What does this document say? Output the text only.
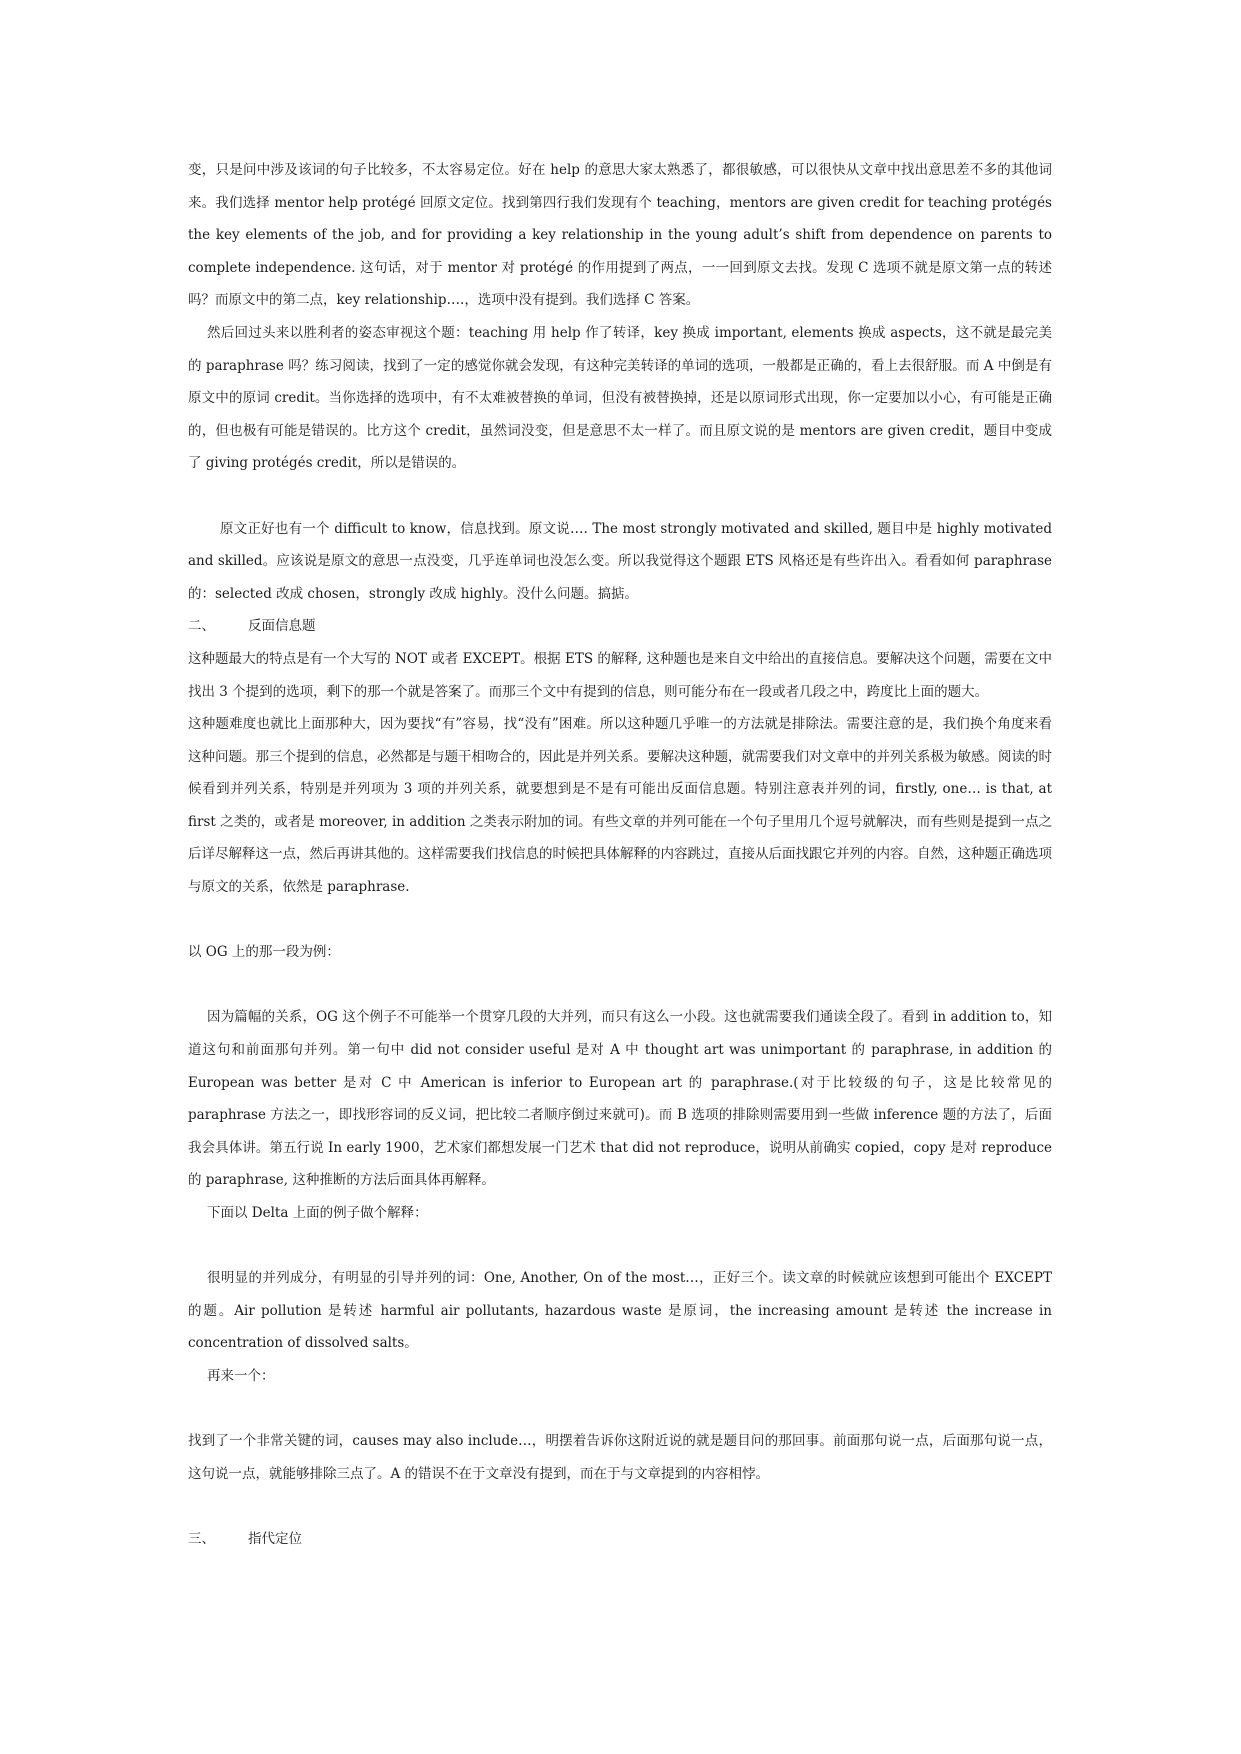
变，只是问中涉及该词的句子比较多，不太容易定位。好在 help 的意思大家太熟悉了，都很敏感，可以很快从文章中找出意思差不多的其他词来。我们选择 mentor help protégé 回原文定位。找到第四行我们发现有个 teaching，mentors are given credit for teaching protégés the key elements of the job, and for providing a key relationship in the young adult’s shift from dependence on parents to complete independence. 这句话，对于 mentor 对 protégé 的作用提到了两点，一一回到原文去找。发现 C 选项不就是原文第一点的转述吗？而原文中的第二点，key relationship….，选项中没有提到。我们选择 C 答案。

然后回过头来以胜利者的姿态审视这个题：teaching 用 help 作了转译，key 换成 important, elements 换成 aspects，这不就是最完美的 paraphrase 吗？练习阅读，找到了一定的感觉你就会发现，有这种完美转译的单词的选项，一般都是正确的，看上去很舒服。而 A 中倒是有原文中的原词 credit。当你选择的选项中，有不太难被替换的单词，但没有被替换掉，还是以原词形式出现，你一定要加以小心，有可能是正确的，但也极有可能是错误的。比方这个 credit，虽然词没变，但是意思不太一样了。而且原文说的是 mentors are given credit，题目中变成了 giving protégés credit，所以是错误的。

原文正好也有一个 difficult to know，信息找到。原文说…. The most strongly motivated and skilled, 题目中是 highly motivated and skilled。应该说是原文的意思一点没变，几乎连单词也没怎么变。所以我觉得这个题跟 ETS 风格还是有些许出入。看看如何 paraphrase 的：selected 改成 chosen，strongly 改成 highly。没什么问题。搞掂。

二、	反面信息题

这种题最大的特点是有一个大写的 NOT 或者 EXCEPT。根据 ETS 的解释, 这种题也是来自文中给出的直接信息。要解决这个问题，需要在文中找出 3 个提到的选项，剩下的那一个就是答案了。而那三个文中有提到的信息，则可能分布在一段或者几段之中，跨度比上面的题大。

这种题难度也就比上面那种大，因为要找“有”容易，找“没有”困难。所以这种题几乎唯一的方法就是排除法。需要注意的是，我们换个角度来看这种问题。那三个提到的信息，必然都是与题干相吻合的，因此是并列关系。要解决这种题，就需要我们对文章中的并列关系极为敏感。阅读的时候看到并列关系，特别是并列项为 3 项的并列关系，就要想到是不是有可能出反面信息题。特别注意表并列的词，firstly, one… is that, at first 之类的，或者是 moreover, in addition 之类表示附加的词。有些文章的并列可能在一个句子里用几个逗号就解决，而有些则是提到一点之后详尽解释这一点，然后再讲其他的。这样需要我们找信息的时候把具体解释的内容跳过，直接从后面找跟它并列的内容。自然，这种题正确选项与原文的关系，依然是 paraphrase.

以 OG 上的那一段为例：

因为篇幅的关系，OG 这个例子不可能举一个贯穿几段的大并列，而只有这么一小段。这也就需要我们通读全段了。看到 in addition to，知道这句和前面那句并列。第一句中 did not consider useful 是对 A 中 thought art was unimportant 的 paraphrase, in addition 的 European was better 是对 C 中 American is inferior to European art 的 paraphrase.(对于比较级的句子，这是比较常见的 paraphrase 方法之一，即找形容词的反义词，把比较二者顺序倒过来就可)。而 B 选项的排除则需要用到一些做 inference 题的方法了，后面我会具体讲。第五行说 In early 1900，艺术家们都想发展一门艺术 that did not reproduce，说明从前确实 copied，copy 是对 reproduce 的 paraphrase, 这种推断的方法后面具体再解释。

下面以 Delta 上面的例子做个解释：

很明显的并列成分，有明显的引导并列的词：One, Another, On of the most…，正好三个。读文章的时候就应该想到可能出个 EXCEPT 的题。Air pollution 是转述 harmful air pollutants, hazardous waste 是原词，the increasing amount 是转述 the increase in concentration of dissolved salts。

再来一个：

找到了一个非常关键的词，causes may also include…，明摆着告诉你这附近说的就是题目问的那回事。前面那句说一点，后面那句说一点，这句说一点，就能够排除三点了。A 的错误不在于文章没有提到，而在于与文章提到的内容相悖。

三、	指代定位
